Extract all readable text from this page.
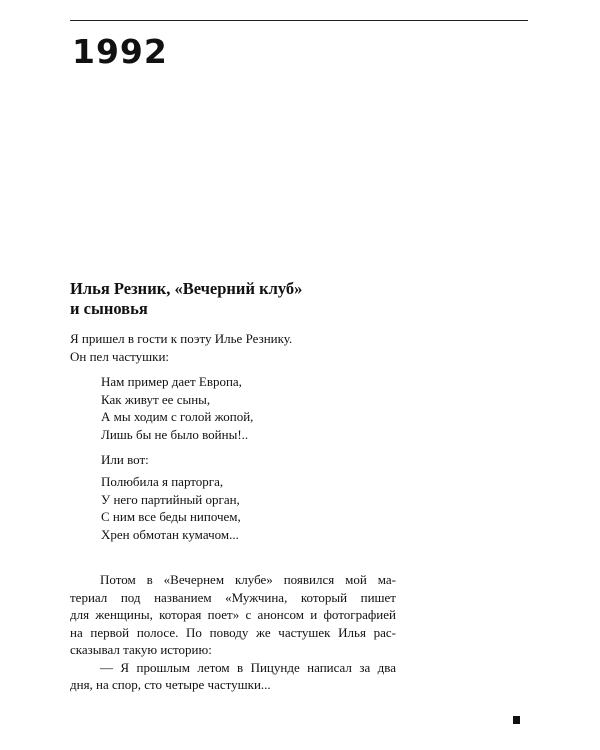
1992
Илья Резник, «Вечерний клуб»
и сыновья
Я пришел в гости к поэту Илье Резнику.
Он пел частушки:
Нам пример дает Европа,
Как живут ее сыны,
А мы ходим с голой жопой,
Лишь бы не было войны!..
Или вот:
Полюбила я парторга,
У него партийный орган,
С ним все беды нипочем,
Хрен обмотан кумачом...
Потом в «Вечернем клубе» появился мой ма-
териал под названием «Мужчина, который пишет
для женщины, которая поет» с анонсом и фотографией
на первой полосе. По поводу же частушек Илья рас-
сказывал такую историю:
— Я прошлым летом в Пицунде написал за два
дня, на спор, сто четыре частушки...
